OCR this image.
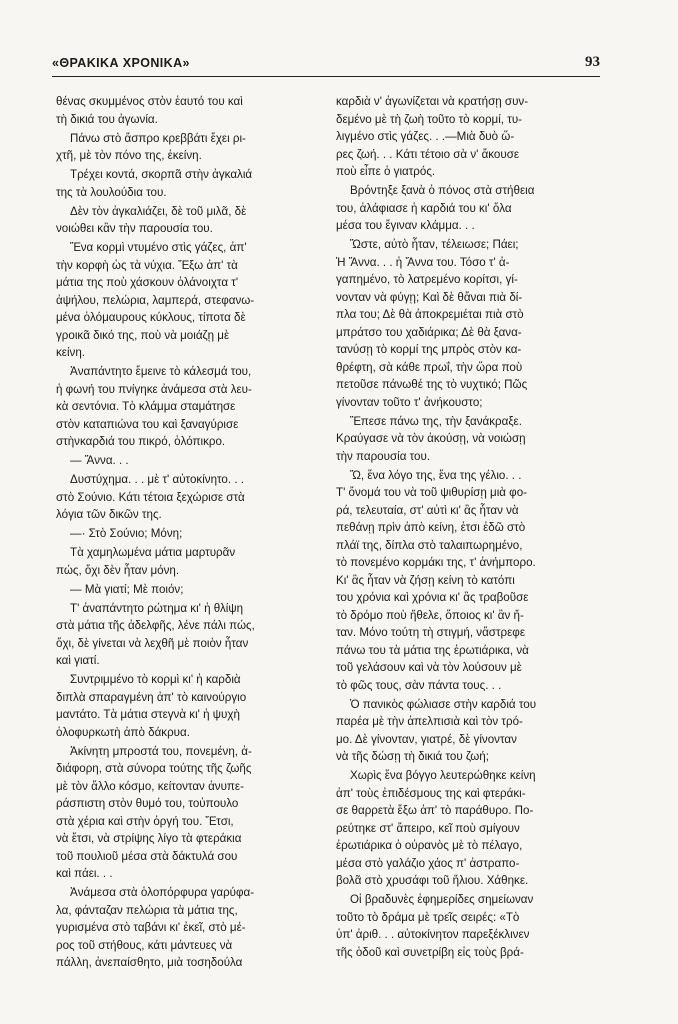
«ΘΡΑΚΙΚΑ ΧΡΟΝΙΚΑ»	93
θένας σκυμμένος στὸν ἑαυτό του καὶ
τὴ δικιά του ἀγωνία.
Πάνω στὸ ἄσπρο κρεββάτι ἔχει ρι-
χτῆ, μὲ τὸν πόνο της, ἐκείνη.
Τρέχει κοντά, σκορπᾶ στὴν ἀγκαλιά
της τὰ λουλούδια του.
Δὲν τὸν ἀγκαλιάζει, δὲ τοῦ μιλᾶ, δὲ
νοιώθει κἂν τὴν παρουσία του.
Ἕνα κορμὶ ντυμένο στὶς γάζες, ἀπ'
τὴν κορφὴ ὡς τὰ νύχια. Ἔξω ἀπ' τὰ
μάτια της ποὺ χάσκουν ὀλάνοιχτα τ'
ἀψήλου, πελώρια, λαμπερά, στεφανω-
μένα ὁλόμαυρους κύκλους, τίποτα δὲ
γροικᾶ δικό της, ποὺ νὰ μοιάζῃ μὲ
κείνη.
Ἀναπάντητο ἔμεινε τὸ κάλεσμά του,
ἡ φωνή του πνίγηκε ἀνάμεσα στὰ λευ-
κὰ σεντόνια. Τὸ κλάμμα σταμάτησε
στὸν καταπιώνα του καὶ ξαναγύρισε
στὴνκαρδιά του πικρό, ὁλόπικρο.
— Ἄννα. . .
Δυστύχημα. . . μὲ τ' αὐτοκίνητο. . .
στὸ Σούνιο. Κάτι τέτοια ξεχώρισε στὰ
λόγια τῶν δικῶν της.
—· Στὸ Σούνιο; Μόνη;
Τὰ χαμηλωμένα μάτια μαρτυρᾶν
πώς, ὄχι δὲν ἦταν μόνη.
— Μὰ γιατί; Μὲ ποιόν;
Τ' ἀναπάντητο ρώτημα κι' ἡ θλίψη
στὰ μάτια τῆς ἀδελφῆς, λένε πάλι πώς,
ὄχι, δὲ γίνεται νὰ λεχθῆ μὲ ποιὸν ἦταν
καὶ γιατί.
Συντριμμένο τὸ κορμὶ κι' ἡ καρδιὰ
διπλὰ σπαραγμένη ἀπ' τὸ καινούργιο
μαντάτο. Τὰ μάτια στεγνὰ κι' ἡ ψυχὴ
ὁλοφυρκωτὴ ἀπὸ δάκρυα.
Ἀκίνητη μπροστά του, πονεμένη, ἀ-
διάφορη, στὰ σύνορα τούτης τῆς ζωῆς
μὲ τὸν ἄλλο κόσμο, κείτονταν ἀνυπε-
ράσπιστη στὸν θυμό του, τοὐπουλο
στὰ χέρια καὶ στὴν ὀργή του. Ἔτσι,
νὰ ἔτσι, νὰ στρίψης λίγο τὰ φτεράκια
τοῦ πουλιοῦ μέσα στὰ δάκτυλά σου
καὶ πάει. . .
Ἀνάμεσα στὰ ὁλοπόρφυρα γαρύφα-
λα, φάνταζαν πελώρια τὰ μάτια της,
γυρισμένα στὸ ταβάνι κι' ἐκεῖ, στὸ μέ-
ρος τοῦ στήθους, κάτι μάντευες νὰ
πάλλη, ἀνεπαίσθητο, μιὰ τοσηδούλα
καρδιὰ ν' ἀγωνίζεται νὰ κρατήσῃ συν-
δεμένο μὲ τὴ ζωὴ τοῦτο τὸ κορμί, τυ-
λιγμένο στὶς γάζες. . .—Μιὰ δυὸ ὥ-
ρες ζωή. . . Κάτι τέτοιο σὰ ν' ἄκουσε
ποὺ εἶπε ὁ γιατρός.
Βρόντηξε ξανὰ ὁ πόνος στὰ στήθεια
του, ἀλάφιασε ἡ καρδιά του κι' ὅλα
μέσα του ἔγιναν κλάμμα. . .
Ὥστε, αὐτὸ ἦταν, τέλειωσε; Πάει;
Ἡ Ἄννα. . . ἡ Ἄννα του. Τόσο τ' ἀ-
γαπημένο, τὸ λατρεμένο κορίτσι, γί-
νονταν νὰ φύγῃ; Καὶ δὲ θἄναι πιὰ δί-
πλα του; Δὲ θὰ ἀποκρεμιέται πιὰ στὸ
μπράτσο του χαδιάρικα; Δὲ θὰ ξανα-
τανύσῃ τὸ κορμί της μπρὸς στὸν κα-
θρέφτη, σὰ κάθε πρωΐ, τὴν ὥρα ποὺ
πετοῦσε πάνωθέ της τὸ νυχτικό; Πῶς
γίνονταν τοῦτο τ' ἀνήκουστο;
Ἔπεσε πάνω της, τὴν ξανάκραξε.
Κραύγασε νὰ τὸν ἀκούσῃ, νὰ νοιώσῃ
τὴν παρουσία του.
Ὤ, ἕνα λόγο της, ἕνα της γέλιο. . .
Τ' ὄνομά του νὰ τοῦ ψιθυρίσῃ μιὰ φο-
ρά, τελευταία, στ' αὐτὶ κι' ἂς ἦταν νὰ
πεθάνῃ πρὶν ἀπὸ κείνη, ἐτσι ἐδῶ στὸ
πλάϊ της, δίπλα στὸ ταλαιπωρημένο,
τὸ πονεμένο κορμάκι της, τ' ἀνήμπορο.
Κι' ἂς ἦταν νὰ ζήσῃ κείνη τὸ κατόπι
του χρόνια καὶ χρόνια κι' ἂς τραβοῦσε
τὸ δρόμο ποὺ ἤθελε, ὅποιος κι' ἂν ἤ-
ταν. Μόνο τούτη τὴ στιγμή, νἄστρεφε
πάνω του τὰ μάτια της ἐρωτιάρικα, νὰ
τοῦ γελάσουν καὶ νὰ τὸν λούσουν μὲ
τὸ φῶς τους, σὰν πάντα τους. . .
Ὁ πανικὸς φώλιασε στὴν καρδιά του
παρέα μὲ τὴν ἀπελπισιὰ καὶ τὸν τρό-
μο. Δὲ γίνονταν, γιατρέ, δὲ γίνονταν
νὰ τῆς δώσῃ τὴ δικιά του ζωή;
Χωρὶς ἕνα βόγγο λευτερώθηκε κείνη
ἀπ' τοὺς ἐπιδέσμους της καὶ φτεράκι-
σε θαρρετὰ ἔξω ἀπ' τὸ παράθυρο. Πο-
ρεύτηκε στ' ἄπειρο, κεῖ ποὺ σμίγουν
ἐρωτιάρικα ὁ οὐρανὸς μὲ τὸ πέλαγο,
μέσα στὸ γαλάζιο χάος π' ἀστραπο-
βολᾶ στὸ χρυσάφι τοῦ ἥλιου. Χάθηκε.
Οἱ βραδυνὲς ἐφημερίδες σημείωναν
τοῦτο τὸ δράμα μὲ τρεῖς σειρές: «Τὸ
ὑπ' ἀριθ. . . αὐτοκίνητον παρεξέκλινεν
τῆς ὁδοῦ καὶ συνετρίβη εἰς τοὺς βρά-
